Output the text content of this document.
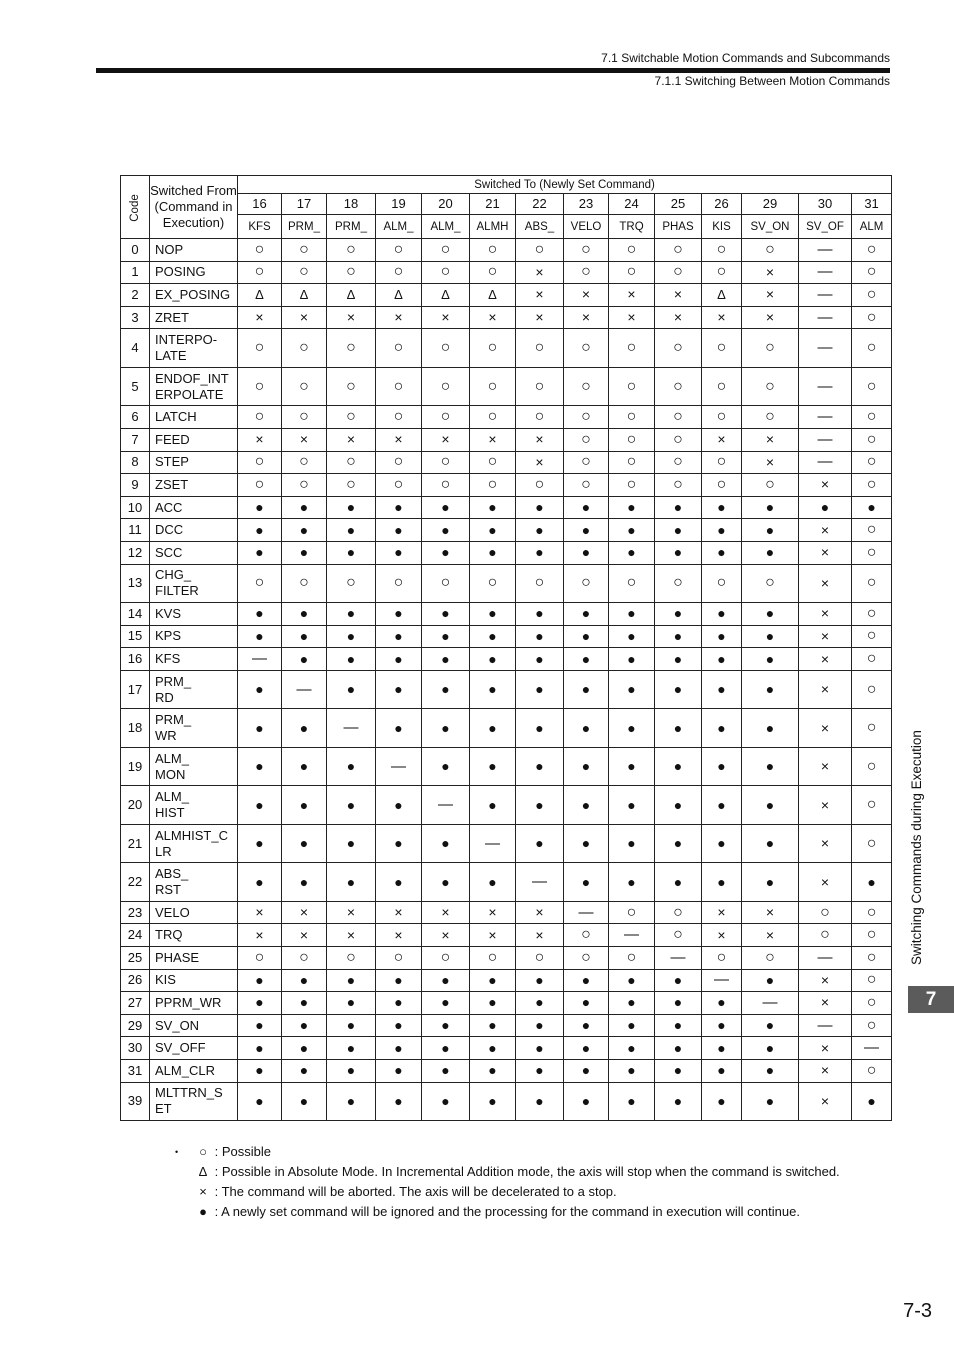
7.1 Switchable Motion Commands and Subcommands
7.1.1 Switching Between Motion Commands
Code	Switched From (Command in Execution)	Switched To (Newly Set Command)													
		16	17	18	19	20	21	22	23	24	25	26	29	30	31
		KFS	PRM_	PRM_	ALM_	ALM_	ALMH	ABS_	VELO	TRQ	PHAS	KIS	SV_ON	SV_OF	ALM
0	NOP	○	○	○	○	○	○	○	○	○	○	○	○	—	○
1	POSING	○	○	○	○	○	○	×	○	○	○	○	×	—	○
2	EX_POSING	∆	∆	∆	∆	∆	∆	×	×	×	×	∆	×	—	○
3	ZRET	×	×	×	×	×	×	×	×	×	×	×	×	—	○
4	INTERPO-
LATE	○	○	○	○	○	○	○	○	○	○	○	○	—	○
5	ENDOF_INT
ERPOLATE	○	○	○	○	○	○	○	○	○	○	○	○	—	○
6	LATCH	○	○	○	○	○	○	○	○	○	○	○	○	—	○
7	FEED	×	×	×	×	×	×	×	○	○	○	×	×	—	○
8	STEP	○	○	○	○	○	○	×	○	○	○	○	×	—	○
9	ZSET	○	○	○	○	○	○	○	○	○	○	○	○	×	○
10	ACC	●	●	●	●	●	●	●	●	●	●	●	●	●	●
11	DCC	●	●	●	●	●	●	●	●	●	●	●	●	×	○
12	SCC	●	●	●	●	●	●	●	●	●	●	●	●	×	○
13	CHG_
FILTER	○	○	○	○	○	○	○	○	○	○	○	○	×	○
14	KVS	●	●	●	●	●	●	●	●	●	●	●	●	×	○
15	KPS	●	●	●	●	●	●	●	●	●	●	●	●	×	○
16	KFS	—	●	●	●	●	●	●	●	●	●	●	●	×	○
17	PRM_
RD	●	—	●	●	●	●	●	●	●	●	●	●	×	○
18	PRM_
WR	●	●	—	●	●	●	●	●	●	●	●	●	×	○
19	ALM_
MON	●	●	●	—	●	●	●	●	●	●	●	●	×	○
20	ALM_
HIST	●	●	●	●	—	●	●	●	●	●	●	●	×	○
21	ALMHIST_C
LR	●	●	●	●	●	—	●	●	●	●	●	●	×	○
22	ABS_
RST	●	●	●	●	●	●	—	●	●	●	●	●	×	●
23	VELO	×	×	×	×	×	×	×	—	○	○	×	×	○	○
24	TRQ	×	×	×	×	×	×	×	○	—	○	×	×	○	○
25	PHASE	○	○	○	○	○	○	○	○	○	—	○	○	—	○
26	KIS	●	●	●	●	●	●	●	●	●	●	—	●	×	○
27	PPRM_WR	●	●	●	●	●	●	●	●	●	●	●	—	×	○
29	SV_ON	●	●	●	●	●	●	●	●	●	●	●	●	—	○
30	SV_OFF	●	●	●	●	●	●	●	●	●	●	●	●	×	—
31	ALM_CLR	●	●	●	●	●	●	●	●	●	●	●	●	×	○
39	MLTTRN_S
ET	●	●	●	●	●	●	●	●	●	●	●	●	×	●
• ○ : Possible
∆ : Possible in Absolute Mode. In Incremental Addition mode, the axis will stop when the command is switched.
× : The command will be aborted. The axis will be decelerated to a stop.
● : A newly set command will be ignored and the processing for the command in execution will continue.
Switching Commands during Execution
7
7-3
